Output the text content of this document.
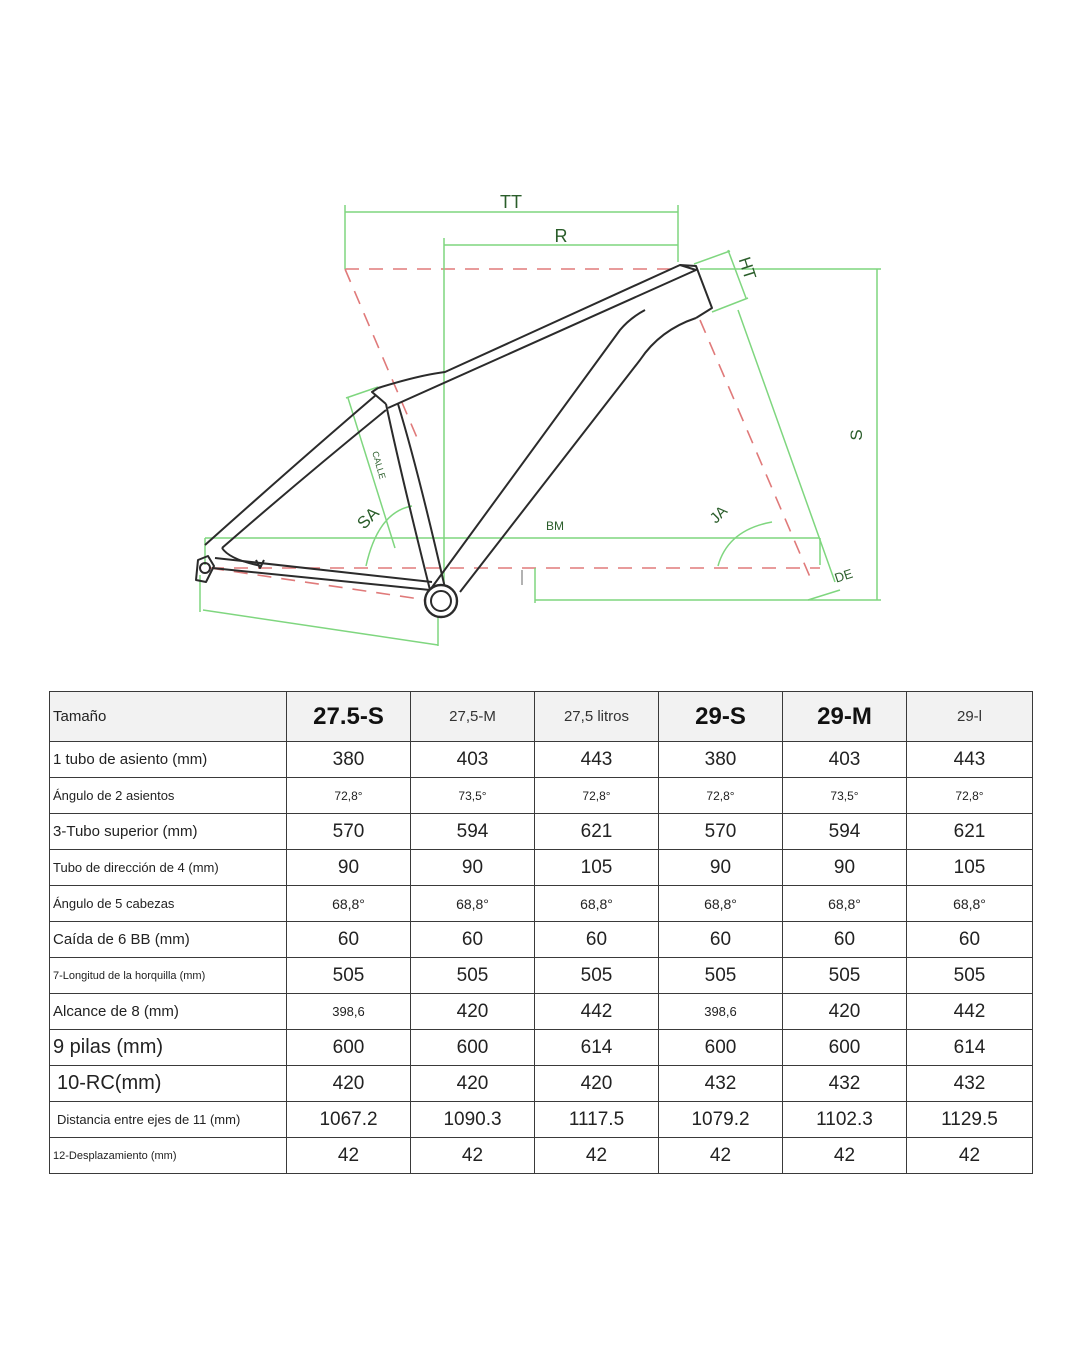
TT
R
HT
S
SA	JA
BM
DE
CALLE
Tamaño	27.5-S	27,5-M	27,5 litros	29-S	29-M	29-l
1 tubo de asiento (mm)	380	403	443	380	403	443
Ángulo de 2 asientos	72,8°	73,5°	72,8°	72,8°	73,5°	72,8°
3-Tubo superior (mm)	570	594	621	570	594	621
Tubo de dirección de 4 (mm)	90	90	105	90	90	105
Ángulo de 5 cabezas	68,8°	68,8°	68,8°	68,8°	68,8°	68,8°
Caída de 6 BB (mm)	60	60	60	60	60	60
7-Longitud de la horquilla (mm)	505	505	505	505	505	505
Alcance de 8 (mm)	398,6	420	442	398,6	420	442
9 pilas (mm)	600	600	614	600	600	614
10-RC(mm)	420	420	420	432	432	432
Distancia entre ejes de 11 (mm)	1067.2	1090.3	1117.5	1079.2	1102.3	1129.5
12-Desplazamiento (mm)	42	42	42	42	42	42
